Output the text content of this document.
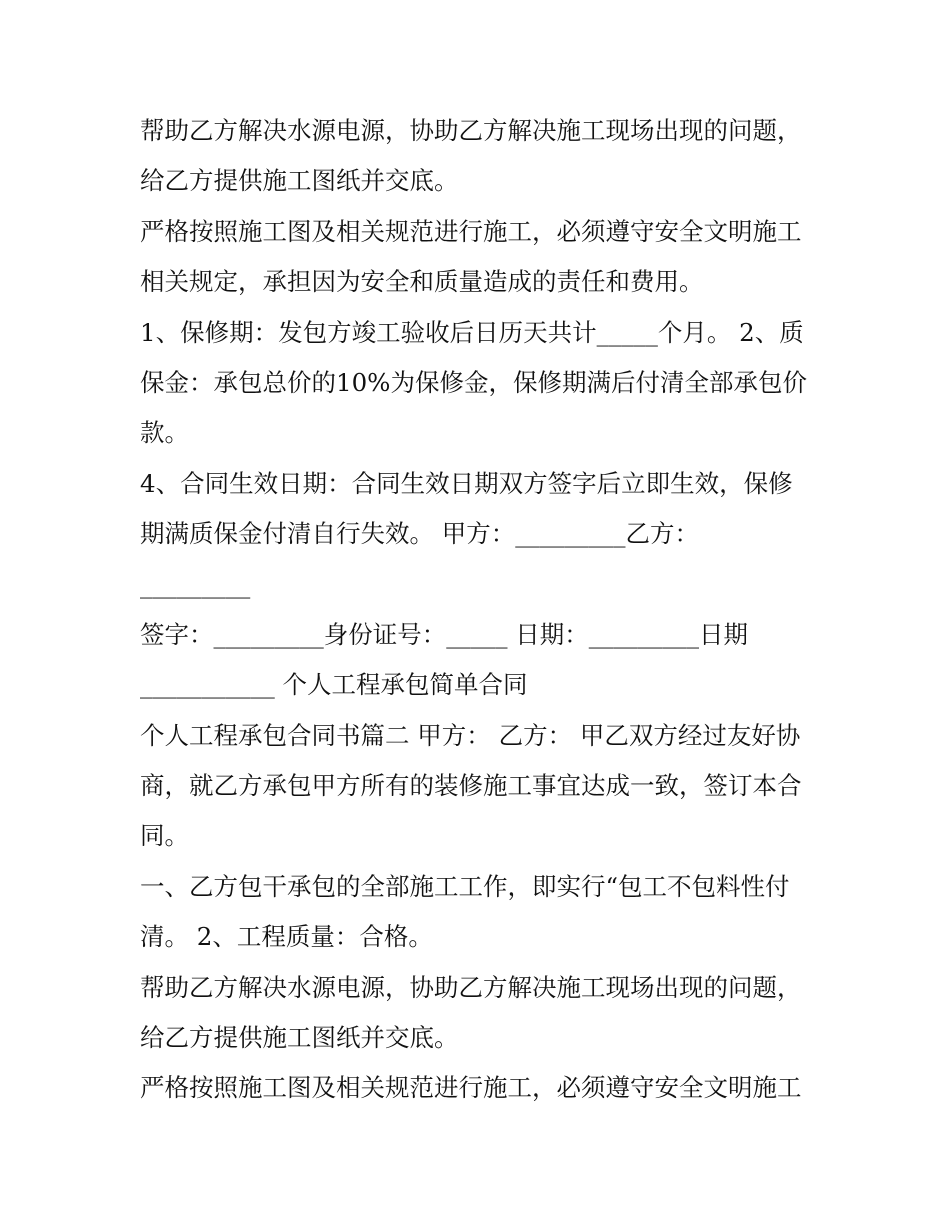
帮助乙方解决水源电源，协助乙方解决施工现场出现的问题，
给乙方提供施工图纸并交底。
严格按照施工图及相关规范进行施工，必须遵守安全文明施工
相关规定，承担因为安全和质量造成的责任和费用。
1、保修期：发包方竣工验收后日历天共计_____个月。 2、质
保金：承包总价的10%为保修金，保修期满后付清全部承包价
款。
4、合同生效日期：合同生效日期双方签字后立即生效，保修
期满质保金付清自行失效。 甲方：_________乙方：
_________
签字：_________身份证号：_____ 日期：_________日期
___________ 个人工程承包简单合同
个人工程承包合同书篇二 甲方： 乙方： 甲乙双方经过友好协
商，就乙方承包甲方所有的装修施工事宜达成一致，签订本合
同。
一、乙方包干承包的全部施工工作，即实行“包工不包料性付
清。 2、工程质量：合格。
帮助乙方解决水源电源，协助乙方解决施工现场出现的问题，
给乙方提供施工图纸并交底。
严格按照施工图及相关规范进行施工，必须遵守安全文明施工
